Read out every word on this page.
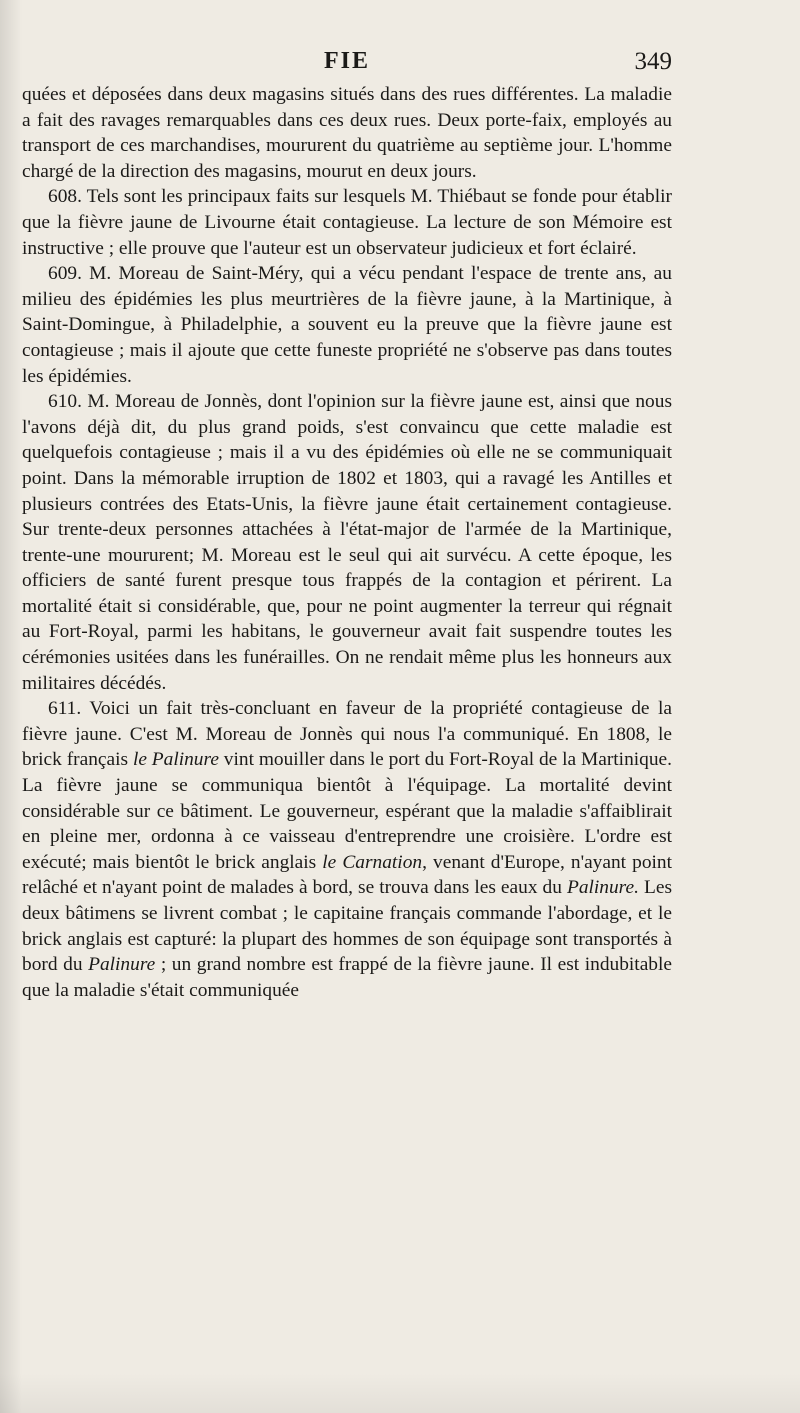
FIE	349

quées et déposées dans deux magasins situés dans des rues différentes. La maladie a fait des ravages remarquables dans ces deux rues. Deux porte-faix, employés au transport de ces marchandises, moururent du quatrième au septième jour. L'homme chargé de la direction des magasins, mourut en deux jours.

608. Tels sont les principaux faits sur lesquels M. Thiébaut se fonde pour établir que la fièvre jaune de Livourne était contagieuse. La lecture de son Mémoire est instructive ; elle prouve que l'auteur est un observateur judicieux et fort éclairé.

609. M. Moreau de Saint-Méry, qui a vécu pendant l'espace de trente ans, au milieu des épidémies les plus meurtrières de la fièvre jaune, à la Martinique, à Saint-Domingue, à Philadelphie, a souvent eu la preuve que la fièvre jaune est contagieuse ; mais il ajoute que cette funeste propriété ne s'observe pas dans toutes les épidémies.

610. M. Moreau de Jonnès, dont l'opinion sur la fièvre jaune est, ainsi que nous l'avons déjà dit, du plus grand poids, s'est convaincu que cette maladie est quelquefois contagieuse ; mais il a vu des épidémies où elle ne se communiquait point. Dans la mémorable irruption de 1802 et 1803, qui a ravagé les Antilles et plusieurs contrées des Etats-Unis, la fièvre jaune était certainement contagieuse. Sur trente-deux personnes attachées à l'état-major de l'armée de la Martinique, trente-une moururent; M. Moreau est le seul qui ait survécu. A cette époque, les officiers de santé furent presque tous frappés de la contagion et périrent. La mortalité était si considérable, que, pour ne point augmenter la terreur qui régnait au Fort-Royal, parmi les habitans, le gouverneur avait fait suspendre toutes les cérémonies usitées dans les funérailles. On ne rendait même plus les honneurs aux militaires décédés.

611. Voici un fait très-concluant en faveur de la propriété contagieuse de la fièvre jaune. C'est M. Moreau de Jonnès qui nous l'a communiqué. En 1808, le brick français le Palinure vint mouiller dans le port du Fort-Royal de la Martinique. La fièvre jaune se communiqua bientôt à l'équipage. La mortalité devint considérable sur ce bâtiment. Le gouverneur, espérant que la maladie s'affaiblirait en pleine mer, ordonna à ce vaisseau d'entreprendre une croisière. L'ordre est exécuté; mais bientôt le brick anglais le Carnation, venant d'Europe, n'ayant point relâché et n'ayant point de malades à bord, se trouva dans les eaux du Palinure. Les deux bâtimens se livrent combat ; le capitaine français commande l'abordage, et le brick anglais est capturé: la plupart des hommes de son équipage sont transportés à bord du Palinure ; un grand nombre est frappé de la fièvre jaune. Il est indubitable que la maladie s'était communiquée
